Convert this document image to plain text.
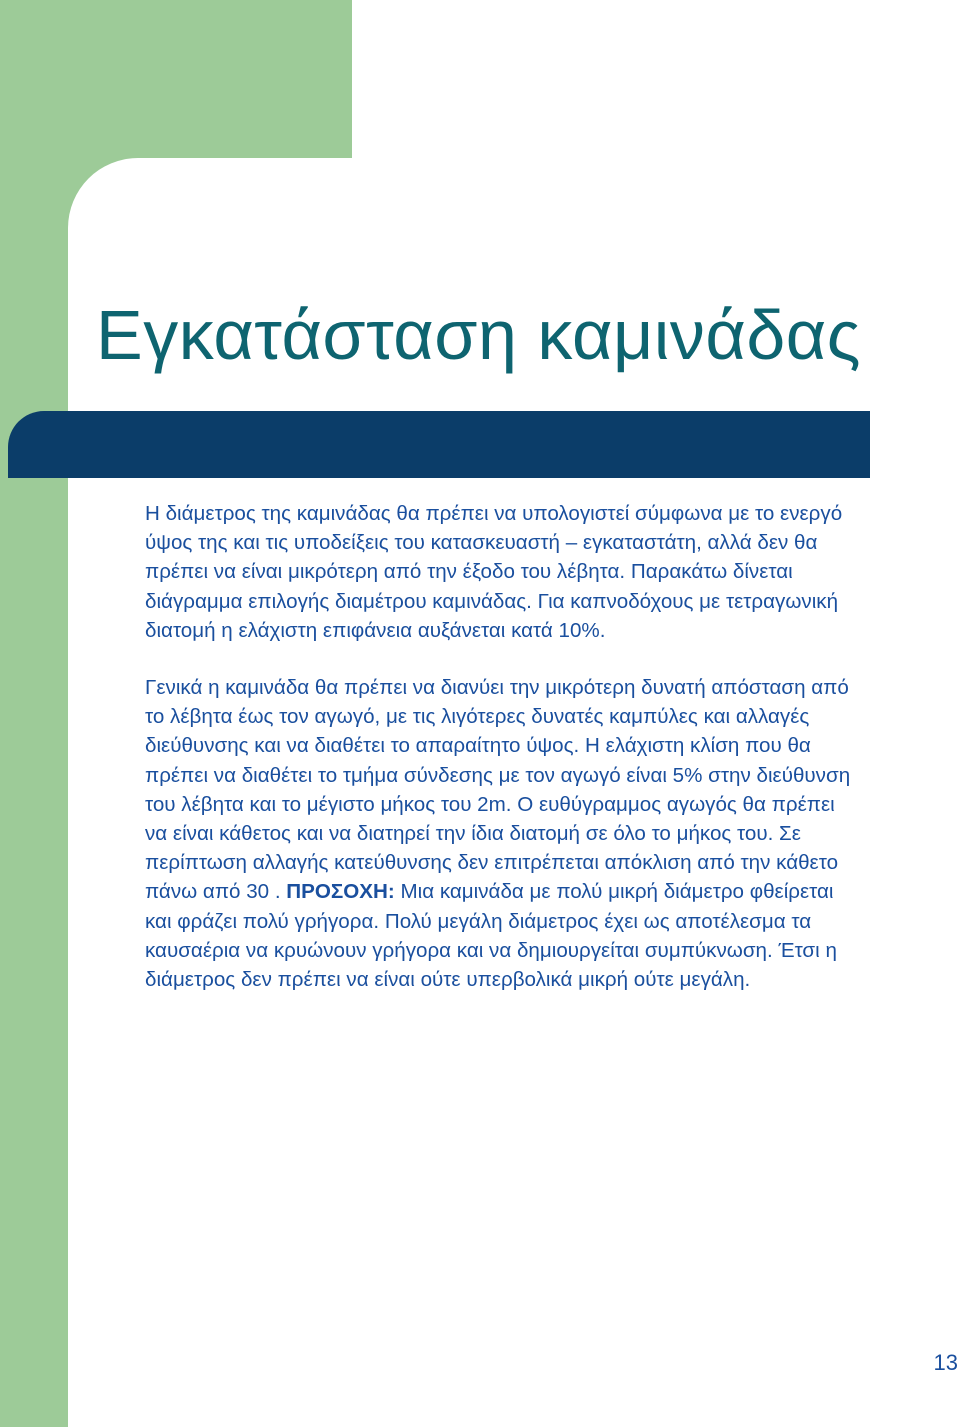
Εγκατάσταση καμινάδας

Η διάμετρος της καμινάδας θα πρέπει να υπολογιστεί σύμφωνα με το ενεργό
ύψος της και τις υποδείξεις του κατασκευαστή – εγκαταστάτη, αλλά δεν θα
πρέπει να είναι μικρότερη από την έξοδο του λέβητα. Παρακάτω δίνεται
διάγραμμα επιλογής διαμέτρου καμινάδας. Για καπνοδόχους με τετραγωνική
διατομή η ελάχιστη επιφάνεια αυξάνεται κατά 10%.

Γενικά η καμινάδα θα πρέπει να διανύει την μικρότερη δυνατή απόσταση από
το λέβητα έως τον αγωγό, με τις λιγότερες δυνατές καμπύλες και αλλαγές
διεύθυνσης και να διαθέτει το απαραίτητο ύψος. Η ελάχιστη κλίση που θα
πρέπει να διαθέτει το τμήμα σύνδεσης με τον αγωγό είναι 5% στην διεύθυνση
του λέβητα και το μέγιστο μήκος του 2m. Ο ευθύγραμμος αγωγός θα πρέπει
να είναι κάθετος και να διατηρεί την ίδια διατομή σε όλο το μήκος του. Σε
περίπτωση αλλαγής κατεύθυνσης δεν επιτρέπεται απόκλιση από την κάθετο
πάνω από 30 . ΠΡΟΣΟΧΗ: Μια καμινάδα με πολύ μικρή διάμετρο φθείρεται
και φράζει πολύ γρήγορα. Πολύ μεγάλη διάμετρος έχει ως αποτέλεσμα τα
καυσαέρια να κρυώνουν γρήγορα και να δημιουργείται συμπύκνωση. Έτσι η
διάμετρος δεν πρέπει να είναι ούτε υπερβολικά μικρή ούτε μεγάλη.

13
